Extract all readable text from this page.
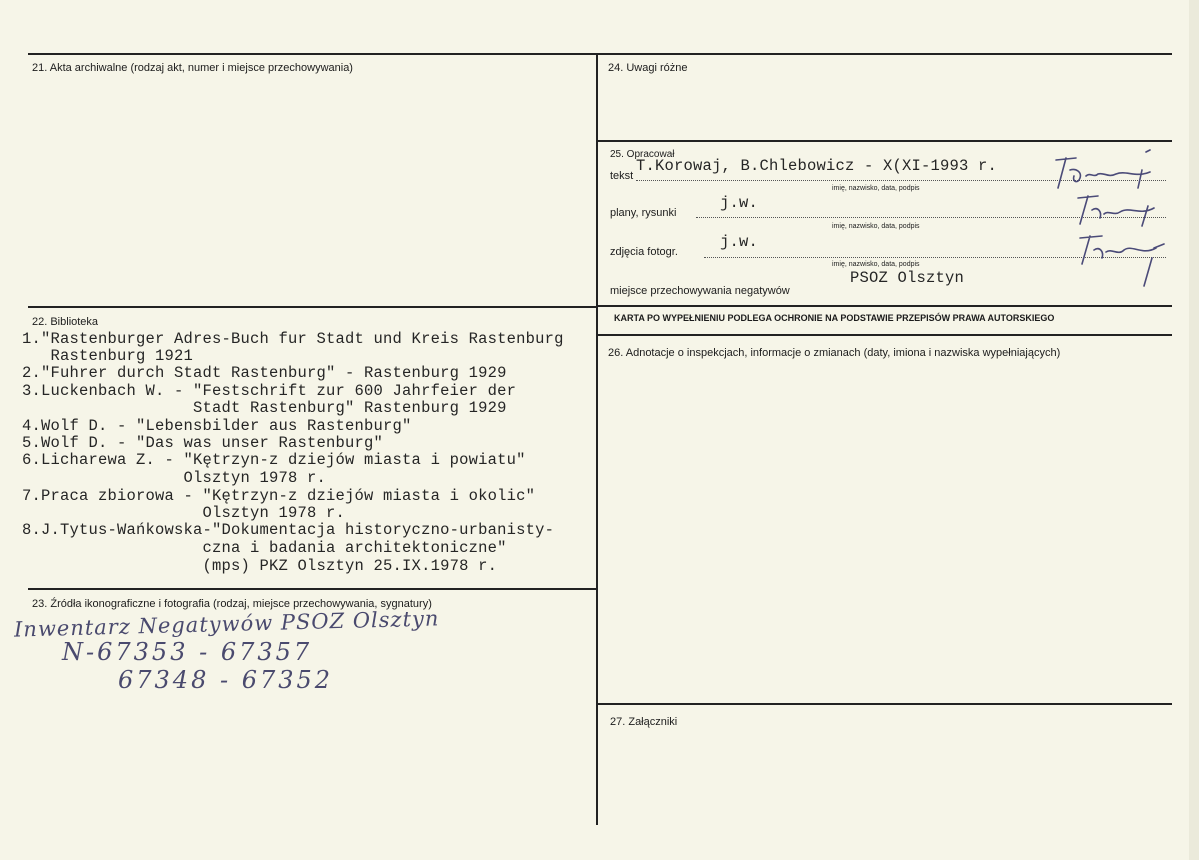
21. Akta archiwalne (rodzaj akt, numer i miejsce przechowywania)
22. Biblioteka
1."Rastenburger Adres-Buch fur Stadt und Kreis Rastenburg
Rastenburg 1921
2."Fuhrer durch Stadt Rastenburg" - Rastenburg 1929
3.Luckenbach W. - "Festschrift zur 600 Jahrfeier der
Stadt Rastenburg" Rastenburg 1929
4.Wolf D. - "Lebensbilder aus Rastenburg"
5.Wolf D. - "Das was unser Rastenburg"
6.Licharewa Z. - "Kętrzyn-z dziejów miasta i powiatu"
Olsztyn 1978 r.
7.Praca zbiorowa - "Kętrzyn-z dziejów miasta i okolic"
Olsztyn 1978 r.
8.J.Tytus-Wańkowska-"Dokumentacja historyczno-urbanisty-
czna i badania architektoniczne"
(mps) PKZ Olsztyn 25.IX.1978 r.
23. Źródła ikonograficzne i fotografia (rodzaj, miejsce przechowywania, sygnatury)
Inwentarz Negatywów PSOZ Olsztyn
N-67353 - 67357
67348 - 67352
24. Uwagi różne
25. Opracował
tekst
T.Korowaj, B.Chlebowicz - X(XI-1993 r.
imię, nazwisko, data, podpis
plany, rysunki
j.w.
imię, nazwisko, data, podpis
zdjęcia fotogr.
j.w.
imię, nazwisko, data, podpis
miejsce przechowywania negatywów
PSOZ Olsztyn
KARTA PO WYPEŁNIENIU PODLEGA OCHRONIE NA PODSTAWIE PRZEPISÓW PRAWA AUTORSKIEGO
26. Adnotacje o inspekcjach, informacje o zmianach (daty, imiona i nazwiska wypełniających)
27. Załączniki
